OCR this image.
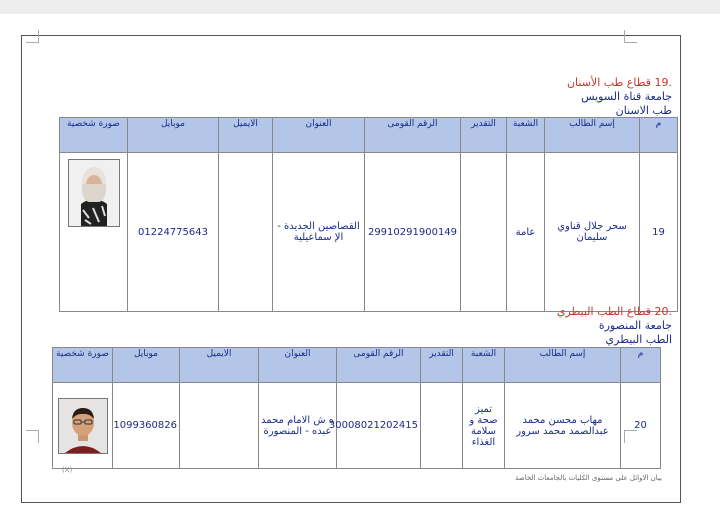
.19 قطاع طب الأسنان
جامعة قناة السويس
طب الاسنان
م	إسم الطالب	الشعبة	التقدير	الرقم القومى	العنوان	الايميل	موبايل	صورة شخصية
19	سحر جلال قناوي سليمان	عامة		29910291900149	القصاصين الجديدة - الإ سماعيلية		01224775643	
.20 قطاع الطب البيطري
جامعة المنصورة
الطب البيطري
م	إسم الطالب	الشعبة	التقدير	الرقم القومى	العنوان	الايميل	موبايل	صورة شخصية
20	مهاب محسن محمد عبدالصمد محمد سرور	تميز صحة و سلامة الغذاء		30008021202415	ه ش الامام محمد عبده - المنصورة		1099360826	
(X)
بيان الاوائل على مستوى الكليات بالجامعات الخاصة
